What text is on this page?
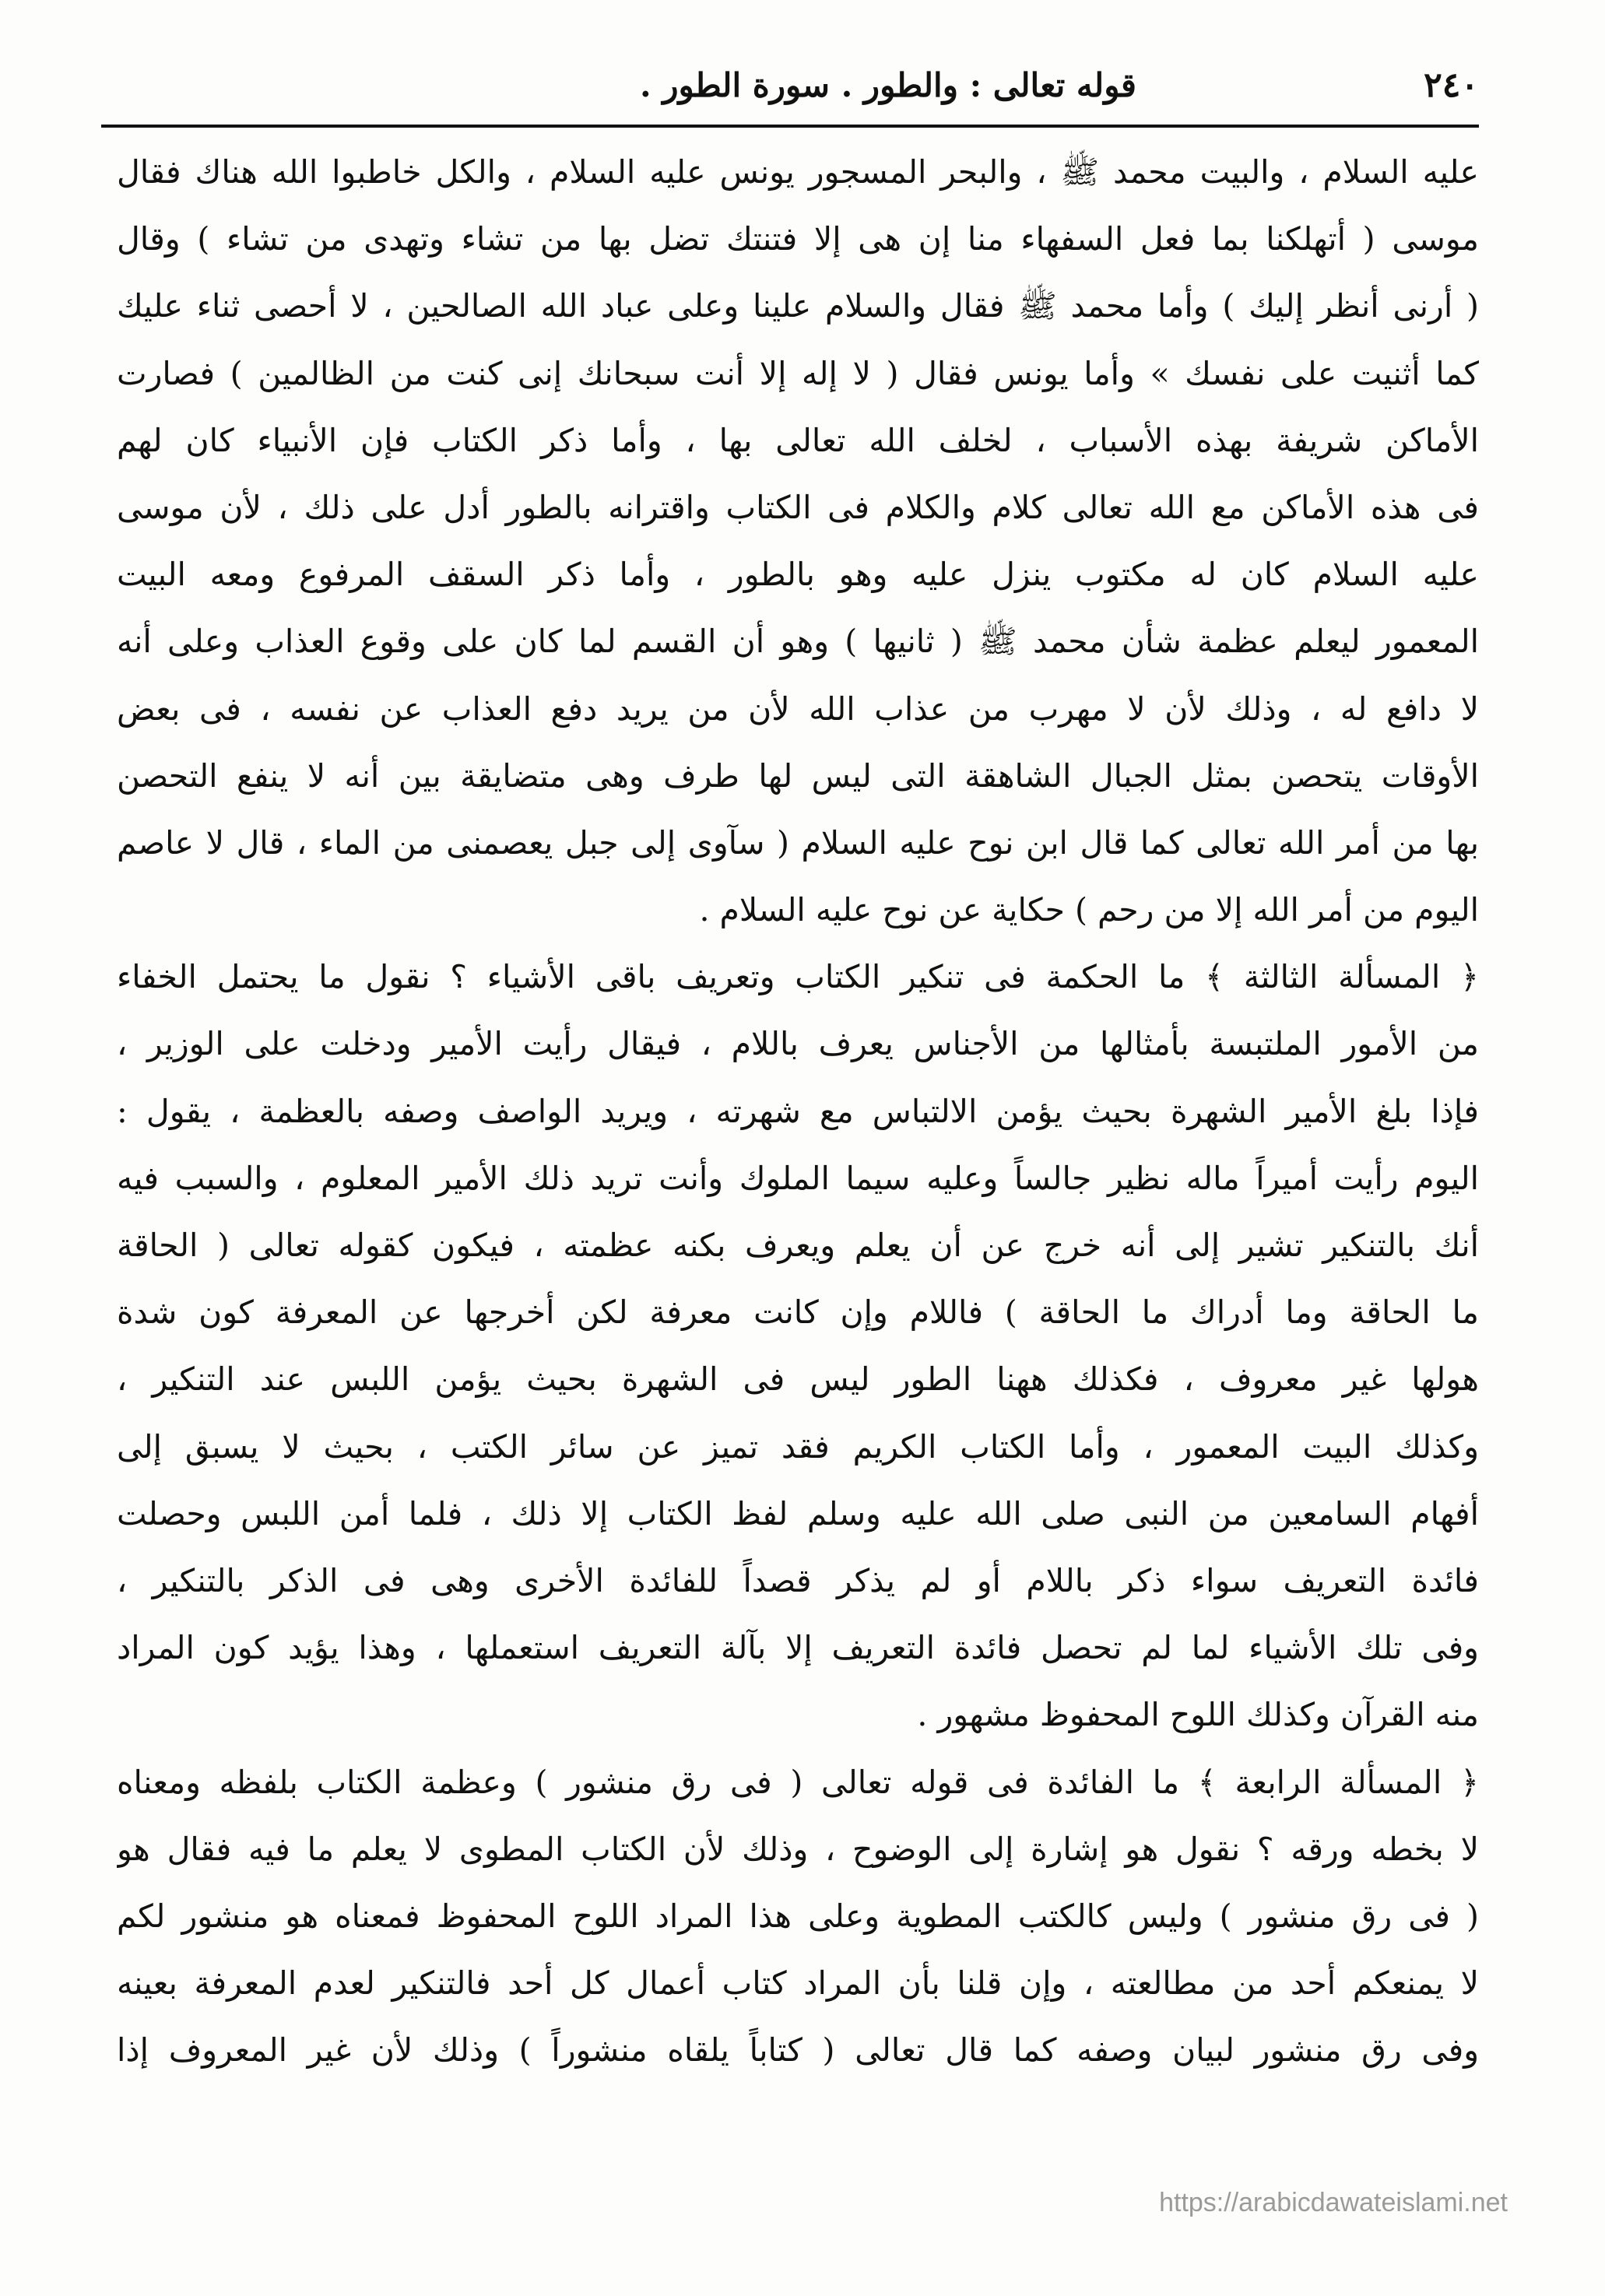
٢٤٠
قوله تعالى : والطور . سورة الطور .
عليه السلام ، والبيت محمد ﷺ ، والبحر المسجور يونس عليه السلام ، والكل خاطبوا الله هناك فقال
موسى ( أتهلكنا بما فعل السفهاء منا إن هى إلا فتنتك تضل بها من تشاء وتهدى من تشاء ) وقال
( أرنى أنظر إليك ) وأما محمد ﷺ فقال والسلام علينا وعلى عباد الله الصالحين ، لا أحصى ثناء عليك
كما أثنيت على نفسك » وأما يونس فقال ( لا إله إلا أنت سبحانك إنى كنت من الظالمين ) فصارت
الأماكن شريفة بهذه الأسباب ، لخلف الله تعالى بها ، وأما ذكر الكتاب فإن الأنبياء كان لهم
فى هذه الأماكن مع الله تعالى كلام والكلام فى الكتاب واقترانه بالطور أدل على ذلك ، لأن موسى
عليه السلام كان له مكتوب ينزل عليه وهو بالطور ، وأما ذكر السقف المرفوع ومعه البيت
المعمور ليعلم عظمة شأن محمد ﷺ ( ثانيها ) وهو أن القسم لما كان على وقوع العذاب وعلى أنه
لا دافع له ، وذلك لأن لا مهرب من عذاب الله لأن من يريد دفع العذاب عن نفسه ، فى بعض
الأوقات يتحصن بمثل الجبال الشاهقة التى ليس لها طرف وهى متضايقة بين أنه لا ينفع التحصن
بها من أمر الله تعالى كما قال ابن نوح عليه السلام ( سآوى إلى جبل يعصمنى من الماء ، قال لا عاصم
اليوم من أمر الله إلا من رحم ) حكاية عن نوح عليه السلام .
﴿ المسألة الثالثة ﴾ ما الحكمة فى تنكير الكتاب وتعريف باقى الأشياء ؟ نقول ما يحتمل الخفاء
من الأمور الملتبسة بأمثالها من الأجناس يعرف باللام ، فيقال رأيت الأمير ودخلت على الوزير ،
فإذا بلغ الأمير الشهرة بحيث يؤمن الالتباس مع شهرته ، ويريد الواصف وصفه بالعظمة ، يقول :
اليوم رأيت أميراً ماله نظير جالساً وعليه سيما الملوك وأنت تريد ذلك الأمير المعلوم ، والسبب فيه
أنك بالتنكير تشير إلى أنه خرج عن أن يعلم ويعرف بكنه عظمته ، فيكون كقوله تعالى ( الحاقة
ما الحاقة وما أدراك ما الحاقة ) فاللام وإن كانت معرفة لكن أخرجها عن المعرفة كون شدة
هولها غير معروف ، فكذلك ههنا الطور ليس فى الشهرة بحيث يؤمن اللبس عند التنكير ،
وكذلك البيت المعمور ، وأما الكتاب الكريم فقد تميز عن سائر الكتب ، بحيث لا يسبق إلى
أفهام السامعين من النبى صلى الله عليه وسلم لفظ الكتاب إلا ذلك ، فلما أمن اللبس وحصلت
فائدة التعريف سواء ذكر باللام أو لم يذكر قصداً للفائدة الأخرى وهى فى الذكر بالتنكير ،
وفى تلك الأشياء لما لم تحصل فائدة التعريف إلا بآلة التعريف استعملها ، وهذا يؤيد كون المراد
منه القرآن وكذلك اللوح المحفوظ مشهور .
﴿ المسألة الرابعة ﴾ ما الفائدة فى قوله تعالى ( فى رق منشور ) وعظمة الكتاب بلفظه ومعناه
لا بخطه ورقه ؟ نقول هو إشارة إلى الوضوح ، وذلك لأن الكتاب المطوى لا يعلم ما فيه فقال هو
( فى رق منشور ) وليس كالكتب المطوية وعلى هذا المراد اللوح المحفوظ فمعناه هو منشور لكم
لا يمنعكم أحد من مطالعته ، وإن قلنا بأن المراد كتاب أعمال كل أحد فالتنكير لعدم المعرفة بعينه
وفى رق منشور لبيان وصفه كما قال تعالى ( كتاباً يلقاه منشوراً ) وذلك لأن غير المعروف إذا
https://arabicdawateislami.net
